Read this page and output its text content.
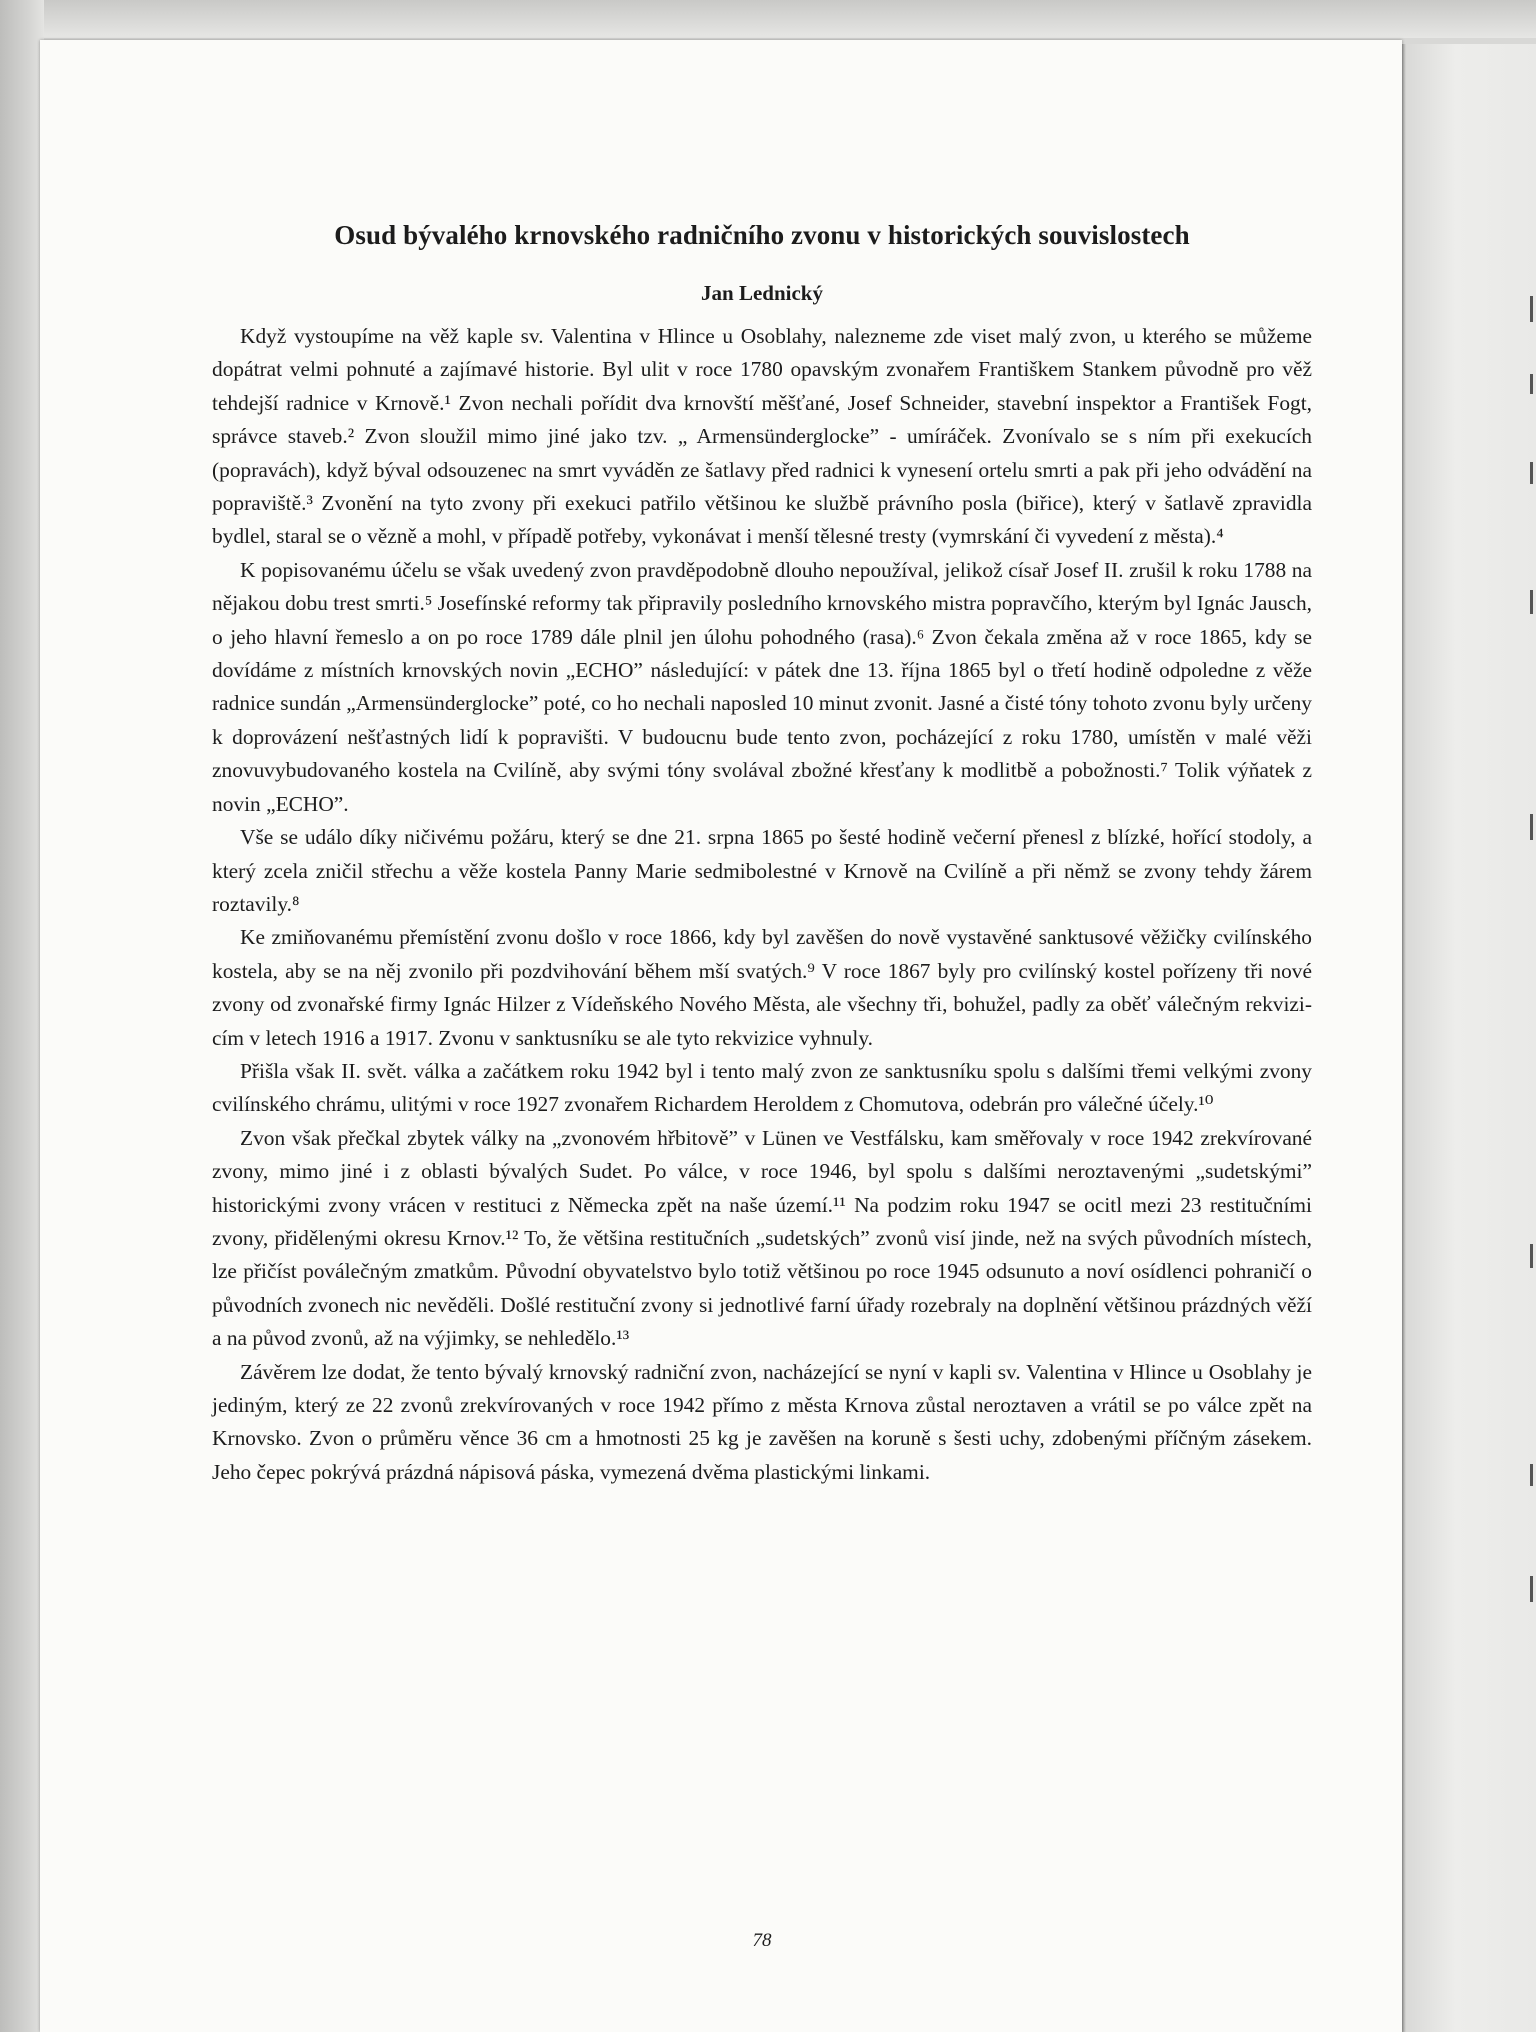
Osud bývalého krnovského radničního zvonu v historických souvislostech
Jan Lednický

Když vystoupíme na věž kaple sv. Valentina v Hlince u Osoblahy, nalezneme zde viset malý zvon, u kterého se můžeme dopátrat velmi pohnuté a zajímavé historie. Byl ulit v roce 1780 opavským zvonařem Františkem Stankem původně pro věž tehdejší radnice v Krnově.¹ Zvon nechali pořídit dva krnovští měšťané, Josef Schneider, stavební inspektor a František Fogt, správce staveb.² Zvon sloužil mimo jiné jako tzv. „ Armensünderglocke” - umíráček. Zvonívalo se s ním při exekucích (popravách), když býval odsouzenec na smrt vyváděn ze šatlavy před radnici k vynesení ortelu smrti a pak při jeho odvádění na popraviště.³ Zvonění na tyto zvony při exekuci patřilo většinou ke službě právního posla (biřice), který v šatlavě zpravidla bydlel, staral se o vězně a mohl, v případě potřeby, vykonávat i menší tělesné tresty (vymrskání či vyvedení z města).⁴

K popisovanému účelu se však uvedený zvon pravděpodobně dlouho nepoužíval, jelikož císař Josef II. zrušil k roku 1788 na nějakou dobu trest smrti.⁵ Josefínské reformy tak připravily posledního krnovského mistra popravčího, kterým byl Ignác Jausch, o jeho hlavní řemeslo a on po roce 1789 dále plnil jen úlohu pohodného (rasa).⁶ Zvon čekala změna až v roce 1865, kdy se dovídáme z místních krnovských novin „ECHO” následující: v pátek dne 13. října 1865 byl o třetí hodině odpoledne z věže radnice sundán „Armensünderglocke” poté, co ho nechali naposled 10 minut zvonit. Jasné a čisté tóny tohoto zvonu byly určeny k doprovázení nešťastných lidí k popravišti. V budoucnu bude tento zvon, pocházející z roku 1780, umístěn v malé věži znovuvybudovaného kostela na Cvilíně, aby svými tóny svolával zbožné křesťany k modlitbě a pobožnosti.⁷ Tolik výňatek z novin „ECHO”.

Vše se událo díky ničivému požáru, který se dne 21. srpna 1865 po šesté hodině večerní přenesl z blízké, hořící stodoly, a který zcela zničil střechu a věže kostela Panny Marie sedmibolestné v Krnově na Cvilíně a při němž se zvony tehdy žárem roztavily.⁸

Ke zmiňovanému přemístění zvonu došlo v roce 1866, kdy byl zavěšen do nově vystavěné sanktusové věžičky cvilínského kostela, aby se na něj zvonilo při pozdvihování během mší svatých.⁹ V roce 1867 byly pro cvilínský kostel pořízeny tři nové zvony od zvonařské firmy Ignác Hilzer z Vídeňského Nového Města, ale všechny tři, bohužel, padly za oběť válečným rekvizicím v letech 1916 a 1917. Zvonu v sanktusníku se ale tyto rekvizice vyhnuly.

Přišla však II. svět. válka a začátkem roku 1942 byl i tento malý zvon ze sanktusníku spolu s dalšími třemi velkými zvony cvilínského chrámu, ulitými v roce 1927 zvonařem Richardem Heroldem z Chomutova, odebrán pro válečné účely.¹⁰

Zvon však přečkal zbytek války na „zvonovém hřbitově” v Lünen ve Vestfálsku, kam směřovaly v roce 1942 zrekvírované zvony, mimo jiné i z oblasti bývalých Sudet. Po válce, v roce 1946, byl spolu s dalšími neroztavenými „sudetskými” historickými zvony vrácen v restituci z Německa zpět na naše území.¹¹ Na podzim roku 1947 se ocitl mezi 23 restitučními zvony, přidělenými okresu Krnov.¹² To, že většina restitučních „sudetských” zvonů visí jinde, než na svých původních místech, lze přičíst poválečným zmatkům. Původní obyvatelstvo bylo totiž většinou po roce 1945 odsunuto a noví osídlenci pohraničí o původních zvonech nic nevěděli. Došlé restituční zvony si jednotlivé farní úřady rozebraly na doplnění většinou prázdných věží a na původ zvonů, až na výjimky, se nehledělo.¹³

Závěrem lze dodat, že tento bývalý krnovský radniční zvon, nacházející se nyní v kapli sv. Valentina v Hlince u Osoblahy je jediným, který ze 22 zvonů zrekvírovaných v roce 1942 přímo z města Krnova zůstal neroztaven a vrátil se po válce zpět na Krnovsko. Zvon o průměru věnce 36 cm a hmotnosti 25 kg je zavěšen na koruně s šesti uchy, zdobenými příčným zásekem. Jeho čepec pokrývá prázdná nápisová páska, vymezená dvěma plastickými linkami.

78
